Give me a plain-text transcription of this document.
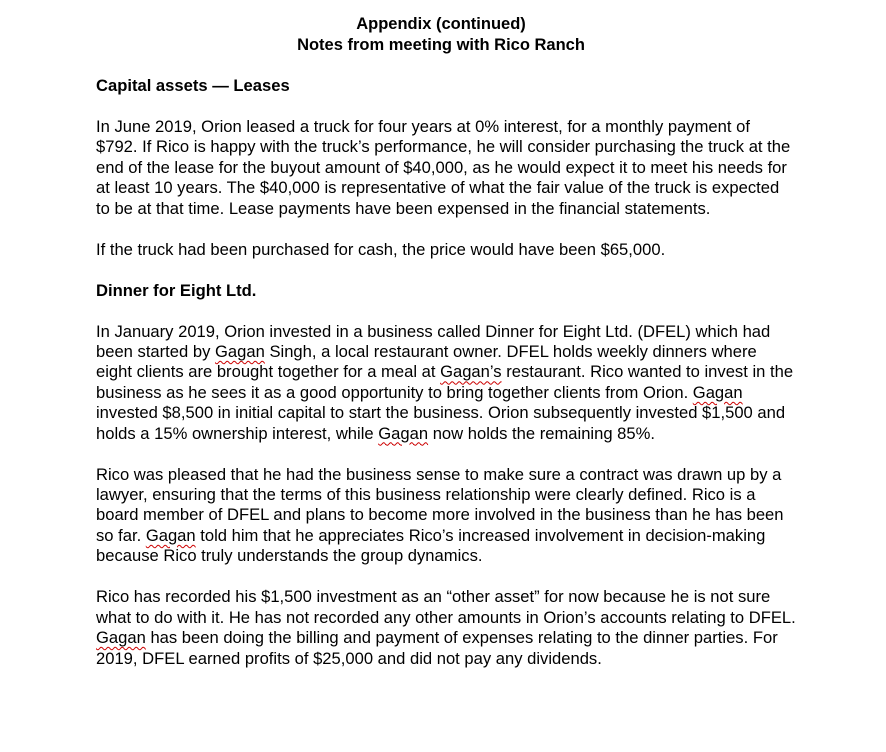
Appendix (continued)
Notes from meeting with Rico Ranch
Capital assets — Leases

In June 2019, Orion leased a truck for four years at 0% interest, for a monthly payment of $792. If Rico is happy with the truck’s performance, he will consider purchasing the truck at the end of the lease for the buyout amount of $40,000, as he would expect it to meet his needs for at least 10 years. The $40,000 is representative of what the fair value of the truck is expected to be at that time. Lease payments have been expensed in the financial statements.

If the truck had been purchased for cash, the price would have been $65,000.

Dinner for Eight Ltd.

In January 2019, Orion invested in a business called Dinner for Eight Ltd. (DFEL) which had been started by Gagan Singh, a local restaurant owner. DFEL holds weekly dinners where eight clients are brought together for a meal at Gagan’s restaurant. Rico wanted to invest in the business as he sees it as a good opportunity to bring together clients from Orion. Gagan invested $8,500 in initial capital to start the business. Orion subsequently invested $1,500 and holds a 15% ownership interest, while Gagan now holds the remaining 85%.

Rico was pleased that he had the business sense to make sure a contract was drawn up by a lawyer, ensuring that the terms of this business relationship were clearly defined. Rico is a board member of DFEL and plans to become more involved in the business than he has been so far. Gagan told him that he appreciates Rico’s increased involvement in decision-making because Rico truly understands the group dynamics.

Rico has recorded his $1,500 investment as an “other asset” for now because he is not sure what to do with it. He has not recorded any other amounts in Orion’s accounts relating to DFEL. Gagan has been doing the billing and payment of expenses relating to the dinner parties. For 2019, DFEL earned profits of $25,000 and did not pay any dividends.
